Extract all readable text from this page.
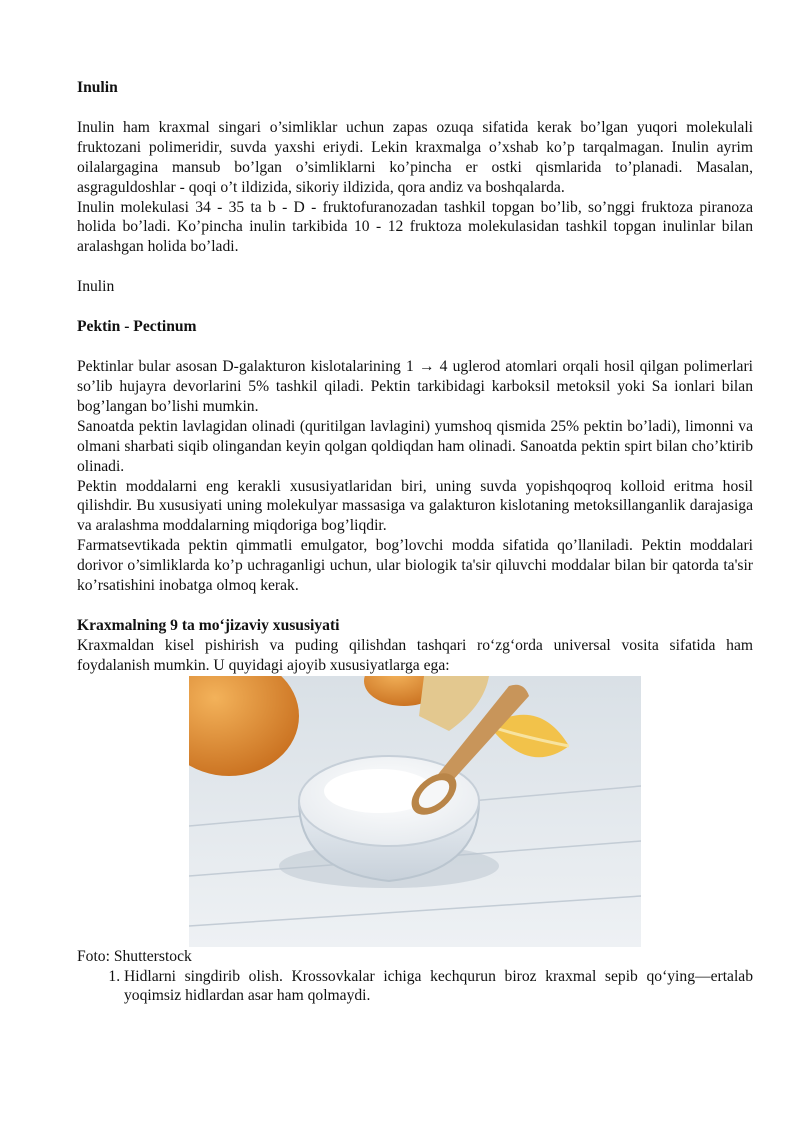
Inulin

Inulin ham kraxmal singari o’simliklar uchun zapas ozuqa sifatida kerak bo’lgan yuqori molekulali fruktozani polimeridir, suvda yaxshi eriydi. Lekin kraxmalga o’xshab ko’p tarqalmagan. Inulin ayrim oilalargagina mansub bo’lgan o’simliklarni ko’pincha er ostki qismlarida to’planadi. Masalan, asgraguldoshlar - qoqi o’t ildizida, sikoriy ildizida, qora andiz va boshqalarda.

Inulin molekulasi 34 - 35 ta b - D - fruktofuranozadan tashkil topgan bo’lib, so’nggi fruktoza piranoza holida bo’ladi. Ko’pincha inulin tarkibida 10 - 12 fruktoza molekulasidan tashkil topgan inulinlar bilan aralashgan holida bo’ladi.

Inulin

Pektin - Pectinum

Pektinlar bular asosan D-galakturon kislotalarining 1 → 4 uglerod atomlari orqali hosil qilgan polimerlari so’lib hujayra devorlarini 5% tashkil qiladi. Pektin tarkibidagi karboksil metoksil yoki Sa ionlari bilan bog’langan bo’lishi mumkin.

Sanoatda pektin lavlagidan olinadi (quritilgan lavlagini) yumshoq qismida 25% pektin bo’ladi), limonni va olmani sharbati siqib olingandan keyin qolgan qoldiqdan ham olinadi. Sanoatda pektin spirt bilan cho’ktirib olinadi.

Pektin moddalarni eng kerakli xususiyatlaridan biri, uning suvda yopishqoqroq kolloid eritma hosil qilishdir. Bu xususiyati uning molekulyar massasiga va galakturon kislotaning metoksillanganlik darajasiga va aralashma moddalarning miqdoriga bog’liqdir.

Farmatsevtikada pektin qimmatli emulgator, bog’lovchi modda sifatida qo’llaniladi. Pektin moddalari dorivor o’simliklarda ko’p uchraganligi uchun, ular biologik ta'sir qiluvchi moddalar bilan bir qatorda ta'sir ko’rsatishini inobatga olmoq kerak.

Kraxmalning 9 ta mo‘jizaviy xususiyati

Kraxmaldan kisel pishirish va puding qilishdan tashqari ro‘zg‘orda universal vosita sifatida ham foydalanish mumkin. U quyidagi ajoyib xususiyatlarga ega:

Foto: Shutterstock

1. Hidlarni singdirib olish. Krossovkalar ichiga kechqurun biroz kraxmal sepib qo‘ying—ertalab yoqimsiz hidlardan asar ham qolmaydi.
